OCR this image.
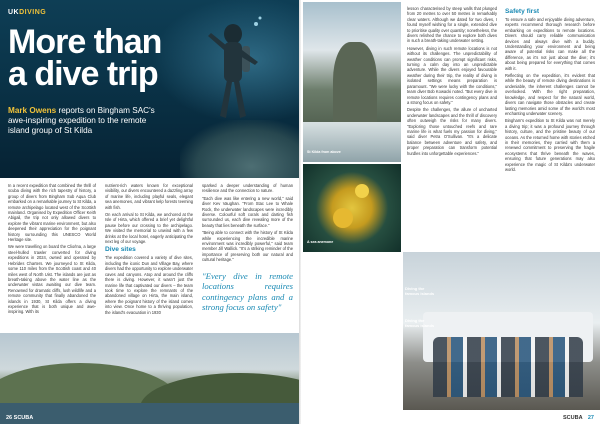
UKDIVING
More than a dive trip

Mark Owens reports on Bingham SAC's awe-inspiring expedition to the remote island group of St Kilda

In a recent expedition that combined the thrill of scuba diving with the rich tapestry of history, a group of divers from Bingham Sub Aqua Club embarked on a remarkable journey to St Kilda, a remote archipelago located west of the Scottish mainland. Organised by Expedition Officer Keith Abigail, the trip not only allowed divers to explore the vibrant marine environment, but also deepened their appreciation for the poignant history surrounding this UNESCO World Heritage site.

We were travelling on board the Clio/Ina, a large steel-hulled trawler converted for diving expeditions in 2024, owned and operated by Hebrides Charters. We journeyed to St Kilda, some 110 miles from the Scottish coast and 40 miles west of North Uist. The islands are just as breath-taking above the water line as the underwater vistas awaiting our dive team. Renowned for dramatic cliffs, lush wildlife and a remote community that finally abandoned the islands in 1930, St Kilda offers a diving experience that is both unique and awe-inspiring. With its

nutrient-rich waters known for exceptional visibility, our divers encountered a dazzling array of marine life, including playful seals, elegant sea anemones, and vibrant kelp forests teeming with fish.

On each arrival to St Kilda, we anchored at the Isle of Hirta, which offered a brief yet delightful pause before our crossing to the archipelago. We visited the memorial to unwind with a few drinks at the local hotel, eagerly anticipating the next leg of our voyage.

Dive sites

The expedition covered a variety of dive sites, including the iconic Dun and Village Bay, where divers had the opportunity to explore underwater caves and canyons. Atop and around the cliffs there is diving. However, it wasn't just the marine life that captivated our divers – the team took time to explore the remnants of the abandoned village on Hirta, the main island, where the poignant history of the island comes into view. Once home to a thriving population, the island's evacuation in 1930

sparked a deeper understanding of human resilience and the connection to nature.

"Each dive was like entering a new world," said diver Kev Vaughan. "From Stac Lee to Whale Rock, the underwater landscapes were incredibly diverse. Colourful soft corals and darting fish surrounded us, each dive revealing more of the beauty that lies beneath the surface."

"Being able to connect with the history of St Kilda while experiencing the incredible marine environment was incredibly powerful," said team member Jill Wallick. "It's a striking reminder of the importance of preserving both our natural and cultural heritage."

"Every dive in remote locations requires contingency plans and a strong focus on safety"
26 SCUBA
St Kilda from above
A sea anemone

lesson characterised by steep walls that plunged from 20 metres to over 50 metres in remarkably clear waters. Although we dated for two dives, I found myself wishing for a single, extended dive to prioritise quality over quantity; nonetheless, the divers relished the chance to explore both dives in such a breath-taking underwater setting.

However, diving in such remote locations is not without its challenges. The unpredictability of weather conditions can prompt significant risks, turning a calm day into an unpredictable adventure. While the divers enjoyed favourable weather during their trip, the reality of diving in isolated settings means preparation is paramount. "We were lucky with the conditions," team diver Bob Kowacki noted. "But every dive in remote locations requires contingency plans and a strong focus on safety."

Despite the challenges, the allure of uncharted underwater landscapes and the thrill of discovery often outweigh the risks for many divers. "Exploring those untouched reefs and rare marine life is what fuels my passion for diving," said diver Petra O'Sullivan. "It's a delicate balance between adventure and safety, and proper preparation can transform potential hurdles into unforgettable experiences."

Safety first

To ensure a safe and enjoyable diving adventure, experts recommend thorough research before embarking on expeditions to remote locations. Divers should carry reliable communication devices and always dive with a buddy. Understanding your environment and being aware of potential risks can make all the difference, as it's not just about the dive; it's about being prepared for everything that comes with it.

Reflecting on the expedition, it's evident that while the beauty of remote diving destinations is undeniable, the inherent challenges cannot be overlooked. With the right preparation, knowledge, and respect for the natural world, divers can navigate those obstacles and create lasting memories amid some of the world's most enchanting underwater scenery.

Bingham's expedition to St Kilda was not merely a diving trip; it was a profound journey through history, culture, and the pristine beauty of our oceans. As the returned home with stories etched in their memories, they carried with them a renewed commitment to preserving the fragile ecosystems that thrive beneath the waves, ensuring that future generations may also experience the magic of St Kilda's underwater world.

Diving the
famous islands
Diving the
famous islands
SCUBA 27
